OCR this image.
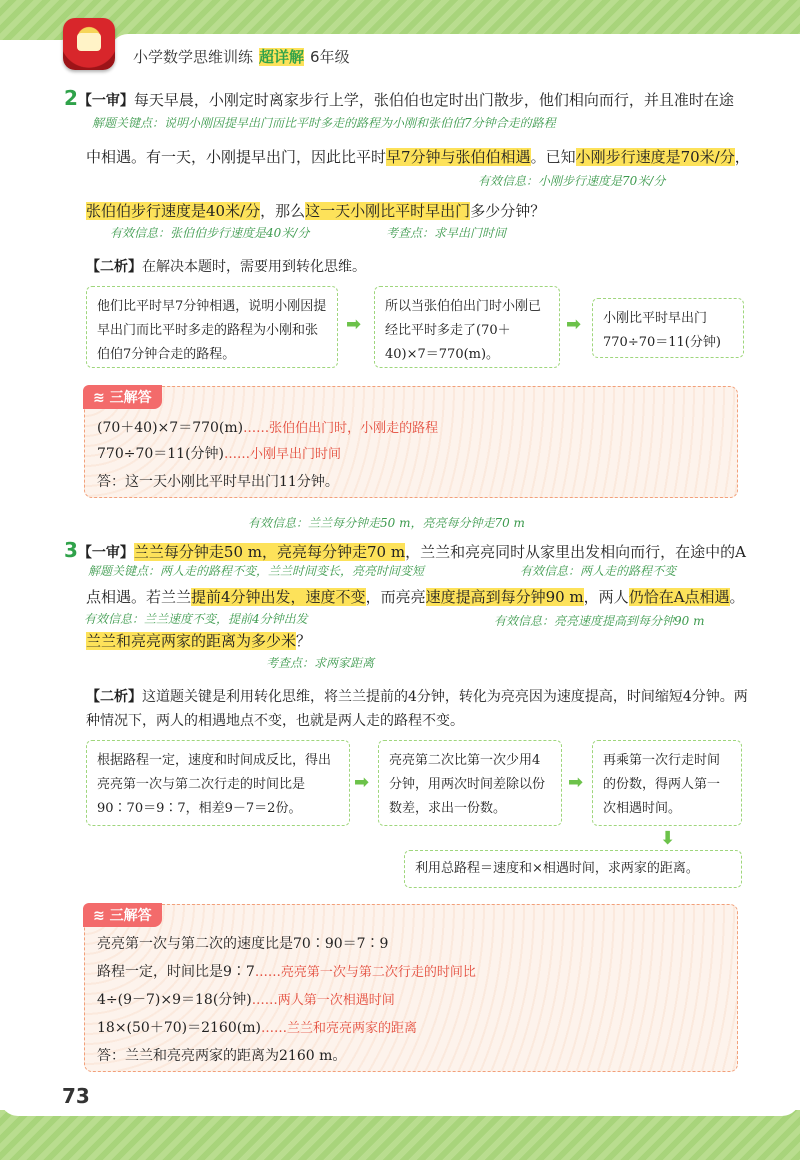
小学数学思维训练 超详解 6年级
2【一审】每天早晨，小刚定时离家步行上学，张伯伯也定时出门散步，他们相向而行，并且准时在途
解题关键点：说明小刚因提早出门而比平时多走的路程为小刚和张伯伯7分钟合走的路程
中相遇。有一天，小刚提早出门，因此比平时早7分钟与张伯伯相遇。已知小刚步行速度是70米/分，
有效信息：小刚步行速度是70米/分
张伯伯步行速度是40米/分，那么这一天小刚比平时早出门多少分钟？
有效信息：张伯伯步行速度是40米/分	考查点：求早出门时间
【二析】在解决本题时，需要用到转化思维。
他们比平时早7分钟相遇，说明小刚因提早出门而比平时多走的路程为小刚和张伯伯7分钟合走的路程。
➡
所以当张伯伯出门时小刚已经比平时多走了(70＋40)×7＝770(m)。
➡	小刚比平时早出门770÷70＝11(分钟)
≋ 三解答
(70＋40)×7＝770(m)……张伯伯出门时，小刚走的路程
770÷70＝11(分钟)……小刚早出门时间
答：这一天小刚比平时早出门11分钟。
有效信息：兰兰每分钟走50 m，亮亮每分钟走70 m
3【一审】兰兰每分钟走50 m，亮亮每分钟走70 m，兰兰和亮亮同时从家里出发相向而行，在途中的A
解题关键点：两人走的路程不变，兰兰时间变长，亮亮时间变短	有效信息：两人走的路程不变
点相遇。若兰兰提前4分钟出发，速度不变，而亮亮速度提高到每分钟90 m，两人仍恰在A点相遇。
有效信息：兰兰速度不变，提前4分钟出发	有效信息：亮亮速度提高到每分钟90 m
兰兰和亮亮两家的距离为多少米？
考查点：求两家距离
【二析】这道题关键是利用转化思维，将兰兰提前的4分钟，转化为亮亮因为速度提高，时间缩短4分钟。两
种情况下，两人的相遇地点不变，也就是两人走的路程不变。
根据路程一定，速度和时间成反比，得出亮亮第一次与第二次行走的时间比是90∶70＝9∶7，相差9－7＝2份。
➡
亮亮第二次比第一次少用4分钟，用两次时间差除以份数差，求出一份数。
➡
再乘第一次行走时间的份数，得两人第一次相遇时间。
⬇
利用总路程＝速度和×相遇时间，求两家的距离。
≋ 三解答
亮亮第一次与第二次的速度比是70∶90＝7∶9
路程一定，时间比是9∶7……亮亮第一次与第二次行走的时间比
4÷(9－7)×9＝18(分钟)……两人第一次相遇时间
18×(50＋70)＝2160(m)……兰兰和亮亮两家的距离
答：兰兰和亮亮两家的距离为2160 m。
73
